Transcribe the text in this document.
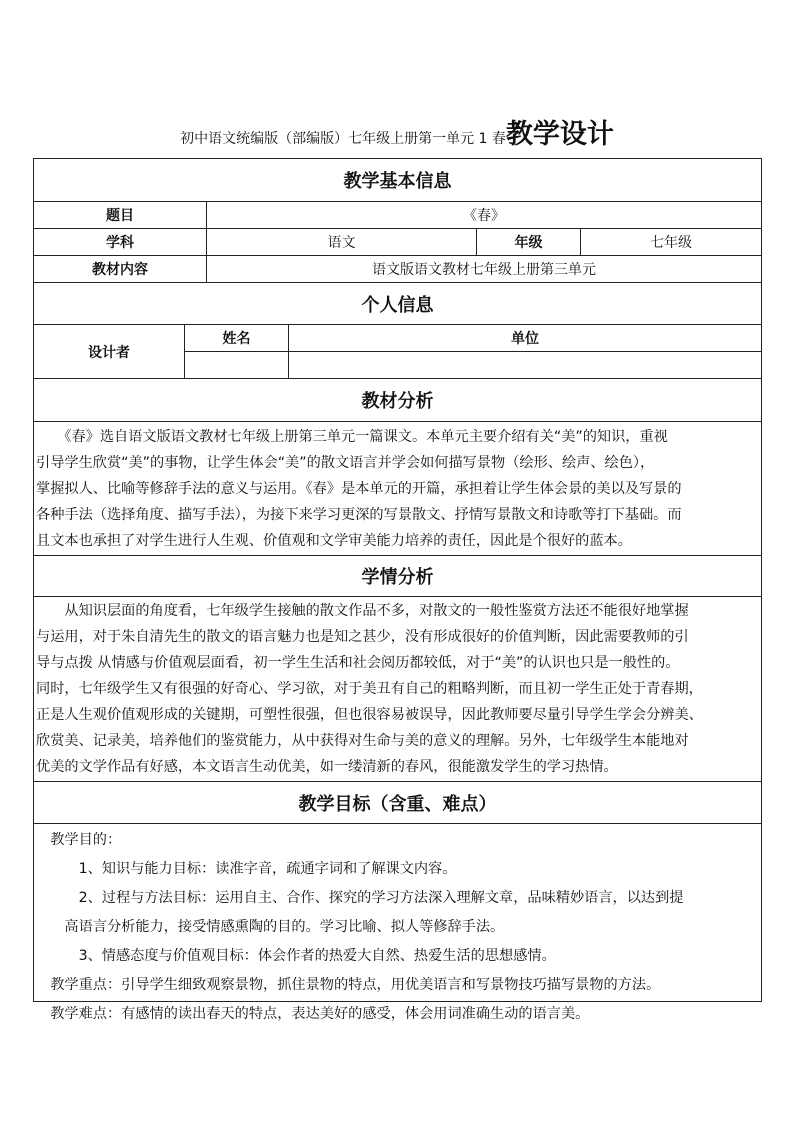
初中语文统编版（部编版）七年级上册第一单元 1 春教学设计
教学基本信息
题目	《春》
学科	语文	年级	七年级
教材内容	语文版语文教材七年级上册第三单元
个人信息
设计者
姓名	单位
教材分析

　　《春》选自语文版语文教材七年级上册第三单元一篇课文。本单元主要介绍有关“美”的知识，重视

引导学生欣赏“美”的事物，让学生体会“美”的散文语言并学会如何描写景物（绘形、绘声、绘色），

掌握拟人、比喻等修辞手法的意义与运用。《春》是本单元的开篇，承担着让学生体会景的美以及写景的

各种手法（选择角度、描写手法），为接下来学习更深的写景散文、抒情写景散文和诗歌等打下基础。而

且文本也承担了对学生进行人生观、价值观和文学审美能力培养的责任，因此是个很好的蓝本。

学情分析

　　从知识层面的角度看，七年级学生接触的散文作品不多，对散文的一般性鉴赏方法还不能很好地掌握

与运用，对于朱自清先生的散文的语言魅力也是知之甚少，没有形成很好的价值判断，因此需要教师的引

导与点拨 从情感与价值观层面看，初一学生生活和社会阅历都较低，对于“美”的认识也只是一般性的。

同时，七年级学生又有很强的好奇心、学习欲，对于美丑有自己的粗略判断，而且初一学生正处于青春期，

正是人生观价值观形成的关键期，可塑性很强，但也很容易被误导，因此教师要尽量引导学生学会分辨美、

欣赏美、记录美，培养他们的鉴赏能力，从中获得对生命与美的意义的理解。另外，七年级学生本能地对

优美的文学作品有好感，本文语言生动优美，如一缕清新的春风，很能激发学生的学习热情。

教学目标（含重、难点）

　教学目的：

　　　1、知识与能力目标：读准字音，疏通字词和了解课文内容。

　　　2、过程与方法目标：运用自主、合作、探究的学习方法深入理解文章，品味精妙语言，以达到提

　　高语言分析能力，接受情感熏陶的目的。学习比喻、拟人等修辞手法。

　　　3、情感态度与价值观目标：体会作者的热爱大自然、热爱生活的思想感情。

　教学重点：引导学生细致观察景物，抓住景物的特点，用优美语言和写景物技巧描写景物的方法。

　教学难点：有感情的读出春天的特点，表达美好的感受，体会用词准确生动的语言美。
